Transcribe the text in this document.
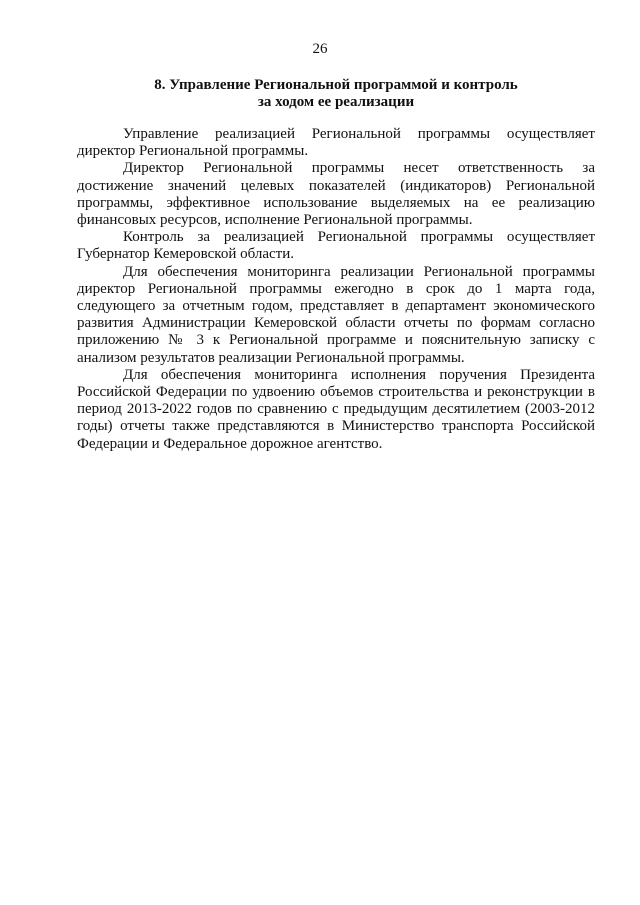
26
8. Управление Региональной программой и контроль
за ходом ее реализации

Управление реализацией Региональной программы осуществляет директор Региональной программы.

Директор Региональной программы несет ответственность за достижение значений целевых показателей (индикаторов) Региональной программы, эффективное использование выделяемых на ее реализацию финансовых ресурсов, исполнение Региональной программы.

Контроль за реализацией Региональной программы осуществляет Губернатор Кемеровской области.

Для обеспечения мониторинга реализации Региональной программы директор Региональной программы ежегодно в срок до 1 марта года, следующего за отчетным годом, представляет в департамент экономического развития Администрации Кемеровской области отчеты по формам согласно приложению № 3 к Региональной программе и пояснительную записку с анализом результатов реализации Региональной программы.

Для обеспечения мониторинга исполнения поручения Президента Российской Федерации по удвоению объемов строительства и реконструкции в период 2013-2022 годов по сравнению с предыдущим десятилетием (2003-2012 годы) отчеты также представляются в Министерство транспорта Российской Федерации и Федеральное дорожное агентство.
